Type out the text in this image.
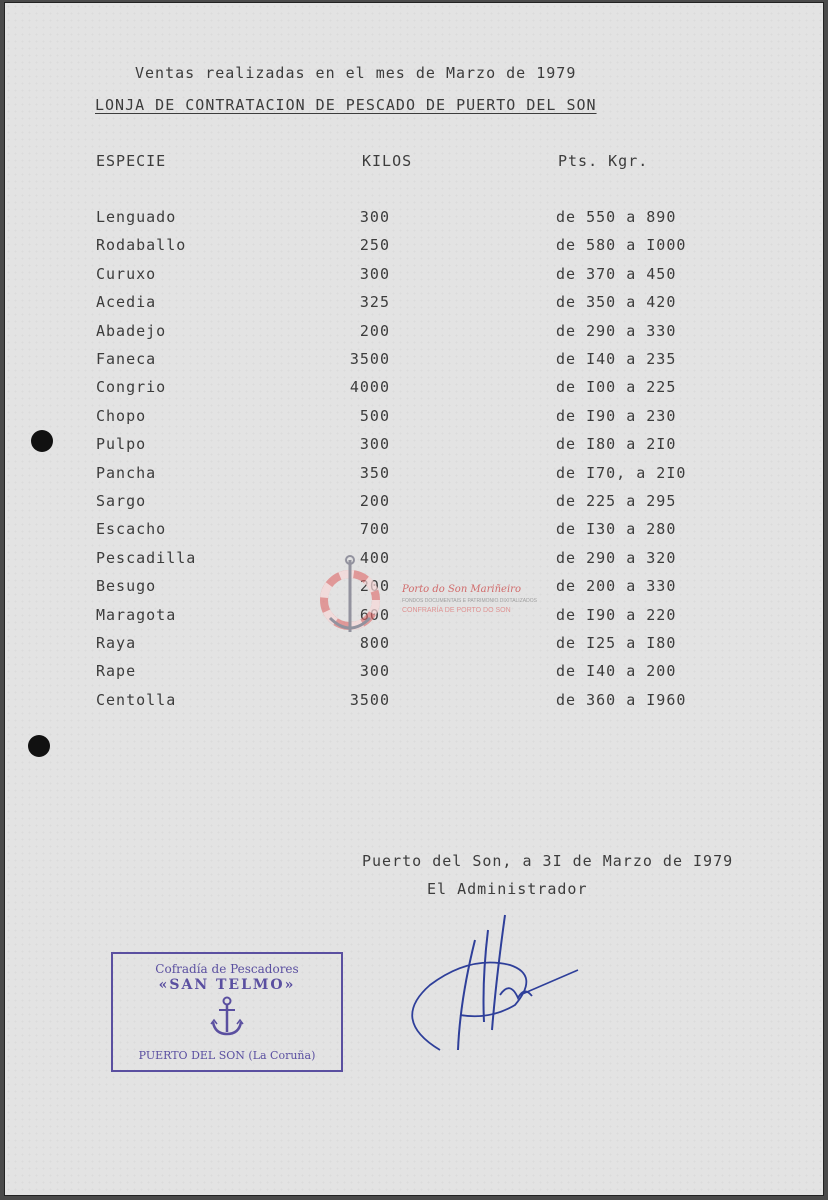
Ventas realizadas en el mes de Marzo de 1979
LONJA DE CONTRATACION DE PESCADO DE PUERTO DEL SON
ESPECIE	KILOS	Pts. Kgr.
Lenguado	300	de 550 a 890
Rodaballo	250	de 580 a I000
Curuxo	300	de 370 a 450
Acedia	325	de 350 a 420
Abadejo	200	de 290 a 330
Faneca	3500	de I40 a 235
Congrio	4000	de I00 a 225
Chopo	500	de I90 a 230
Pulpo	300	de I80 a 2I0
Pancha	350	de I70, a 2I0
Sargo	200	de 225 a 295
Escacho	700	de I30 a 280
Pescadilla	400	de 290 a 320
Besugo	200	de 200 a 330
Maragota	600	de I90 a 220
Raya	800	de I25 a I80
Rape	300	de I40 a 200
Centolla	3500	de 360 a I960
Porto do Son Mariñeiro
FONDOS DOCUMENTAIS E PATRIMONIO DIXITALIZADOS
CONFRARÍA DE PORTO DO SON
Puerto del Son, a 3I de Marzo de I979
El Administrador
Cofradía de Pescadores
«SAN TELMO»
PUERTO DEL SON (La Coruña)
